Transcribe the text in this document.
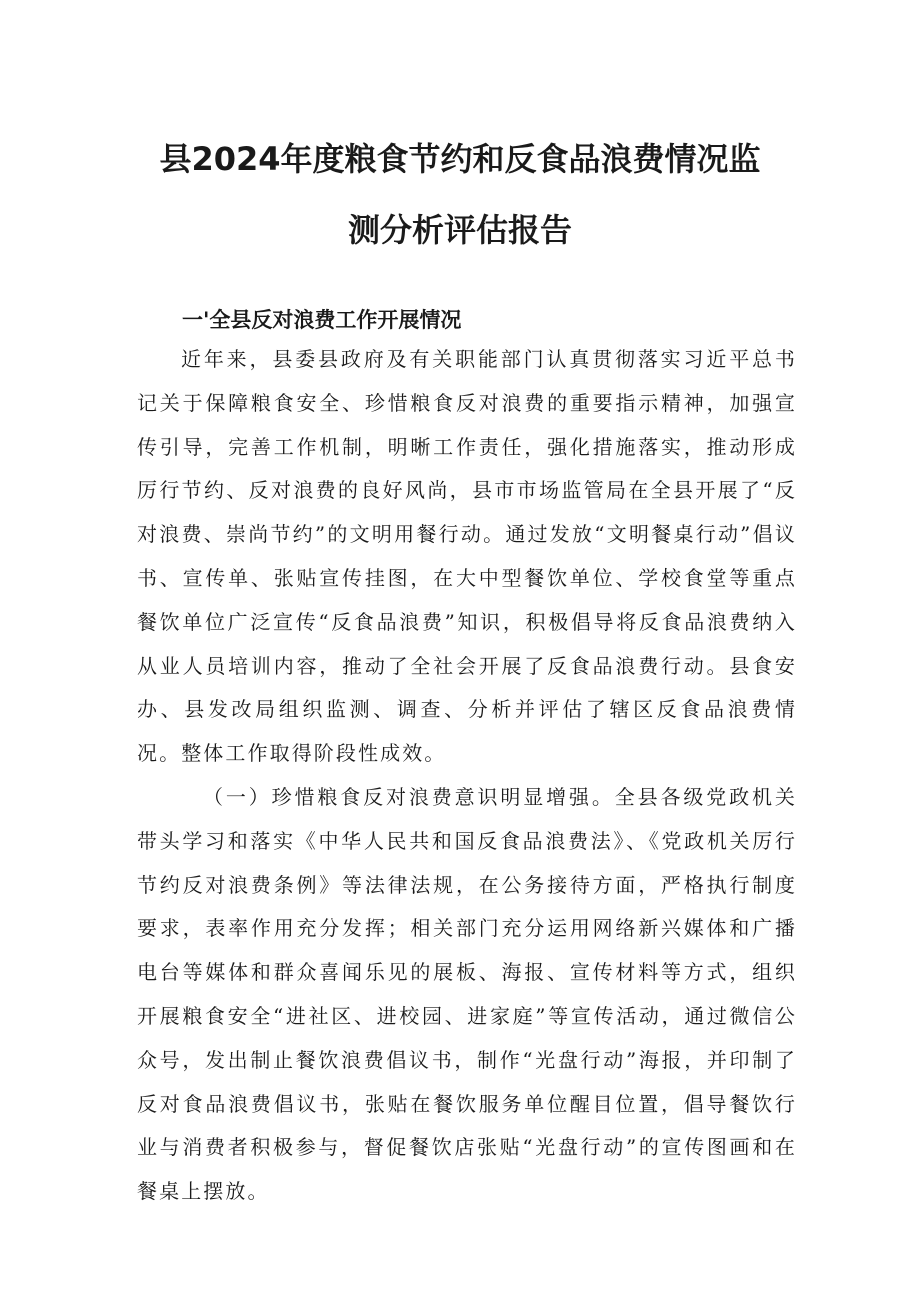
县2024年度粮食节约和反食品浪费情况监
测分析评估报告
一'全县反对浪费工作开展情况

近年来，县委县政府及有关职能部门认真贯彻落实习近平总书记关于保障粮食安全、珍惜粮食反对浪费的重要指示精神，加强宣传引导，完善工作机制，明晰工作责任，强化措施落实，推动形成厉行节约、反对浪费的良好风尚，县市市场监管局在全县开展了“反对浪费、崇尚节约”的文明用餐行动。通过发放“文明餐桌行动”倡议书、宣传单、张贴宣传挂图，在大中型餐饮单位、学校食堂等重点餐饮单位广泛宣传“反食品浪费”知识，积极倡导将反食品浪费纳入从业人员培训内容，推动了全社会开展了反食品浪费行动。县食安办、县发改局组织监测、调查、分析并评估了辖区反食品浪费情况。整体工作取得阶段性成效。

（一）珍惜粮食反对浪费意识明显增强。全县各级党政机关带头学习和落实《中华人民共和国反食品浪费法》、《党政机关厉行节约反对浪费条例》等法律法规，在公务接待方面，严格执行制度要求，表率作用充分发挥；相关部门充分运用网络新兴媒体和广播电台等媒体和群众喜闻乐见的展板、海报、宣传材料等方式，组织开展粮食安全“进社区、进校园、进家庭”等宣传活动，通过微信公众号，发出制止餐饮浪费倡议书，制作“光盘行动”海报，并印制了反对食品浪费倡议书，张贴在餐饮服务单位醒目位置，倡导餐饮行业与消费者积极参与，督促餐饮店张贴“光盘行动”的宣传图画和在餐桌上摆放。
